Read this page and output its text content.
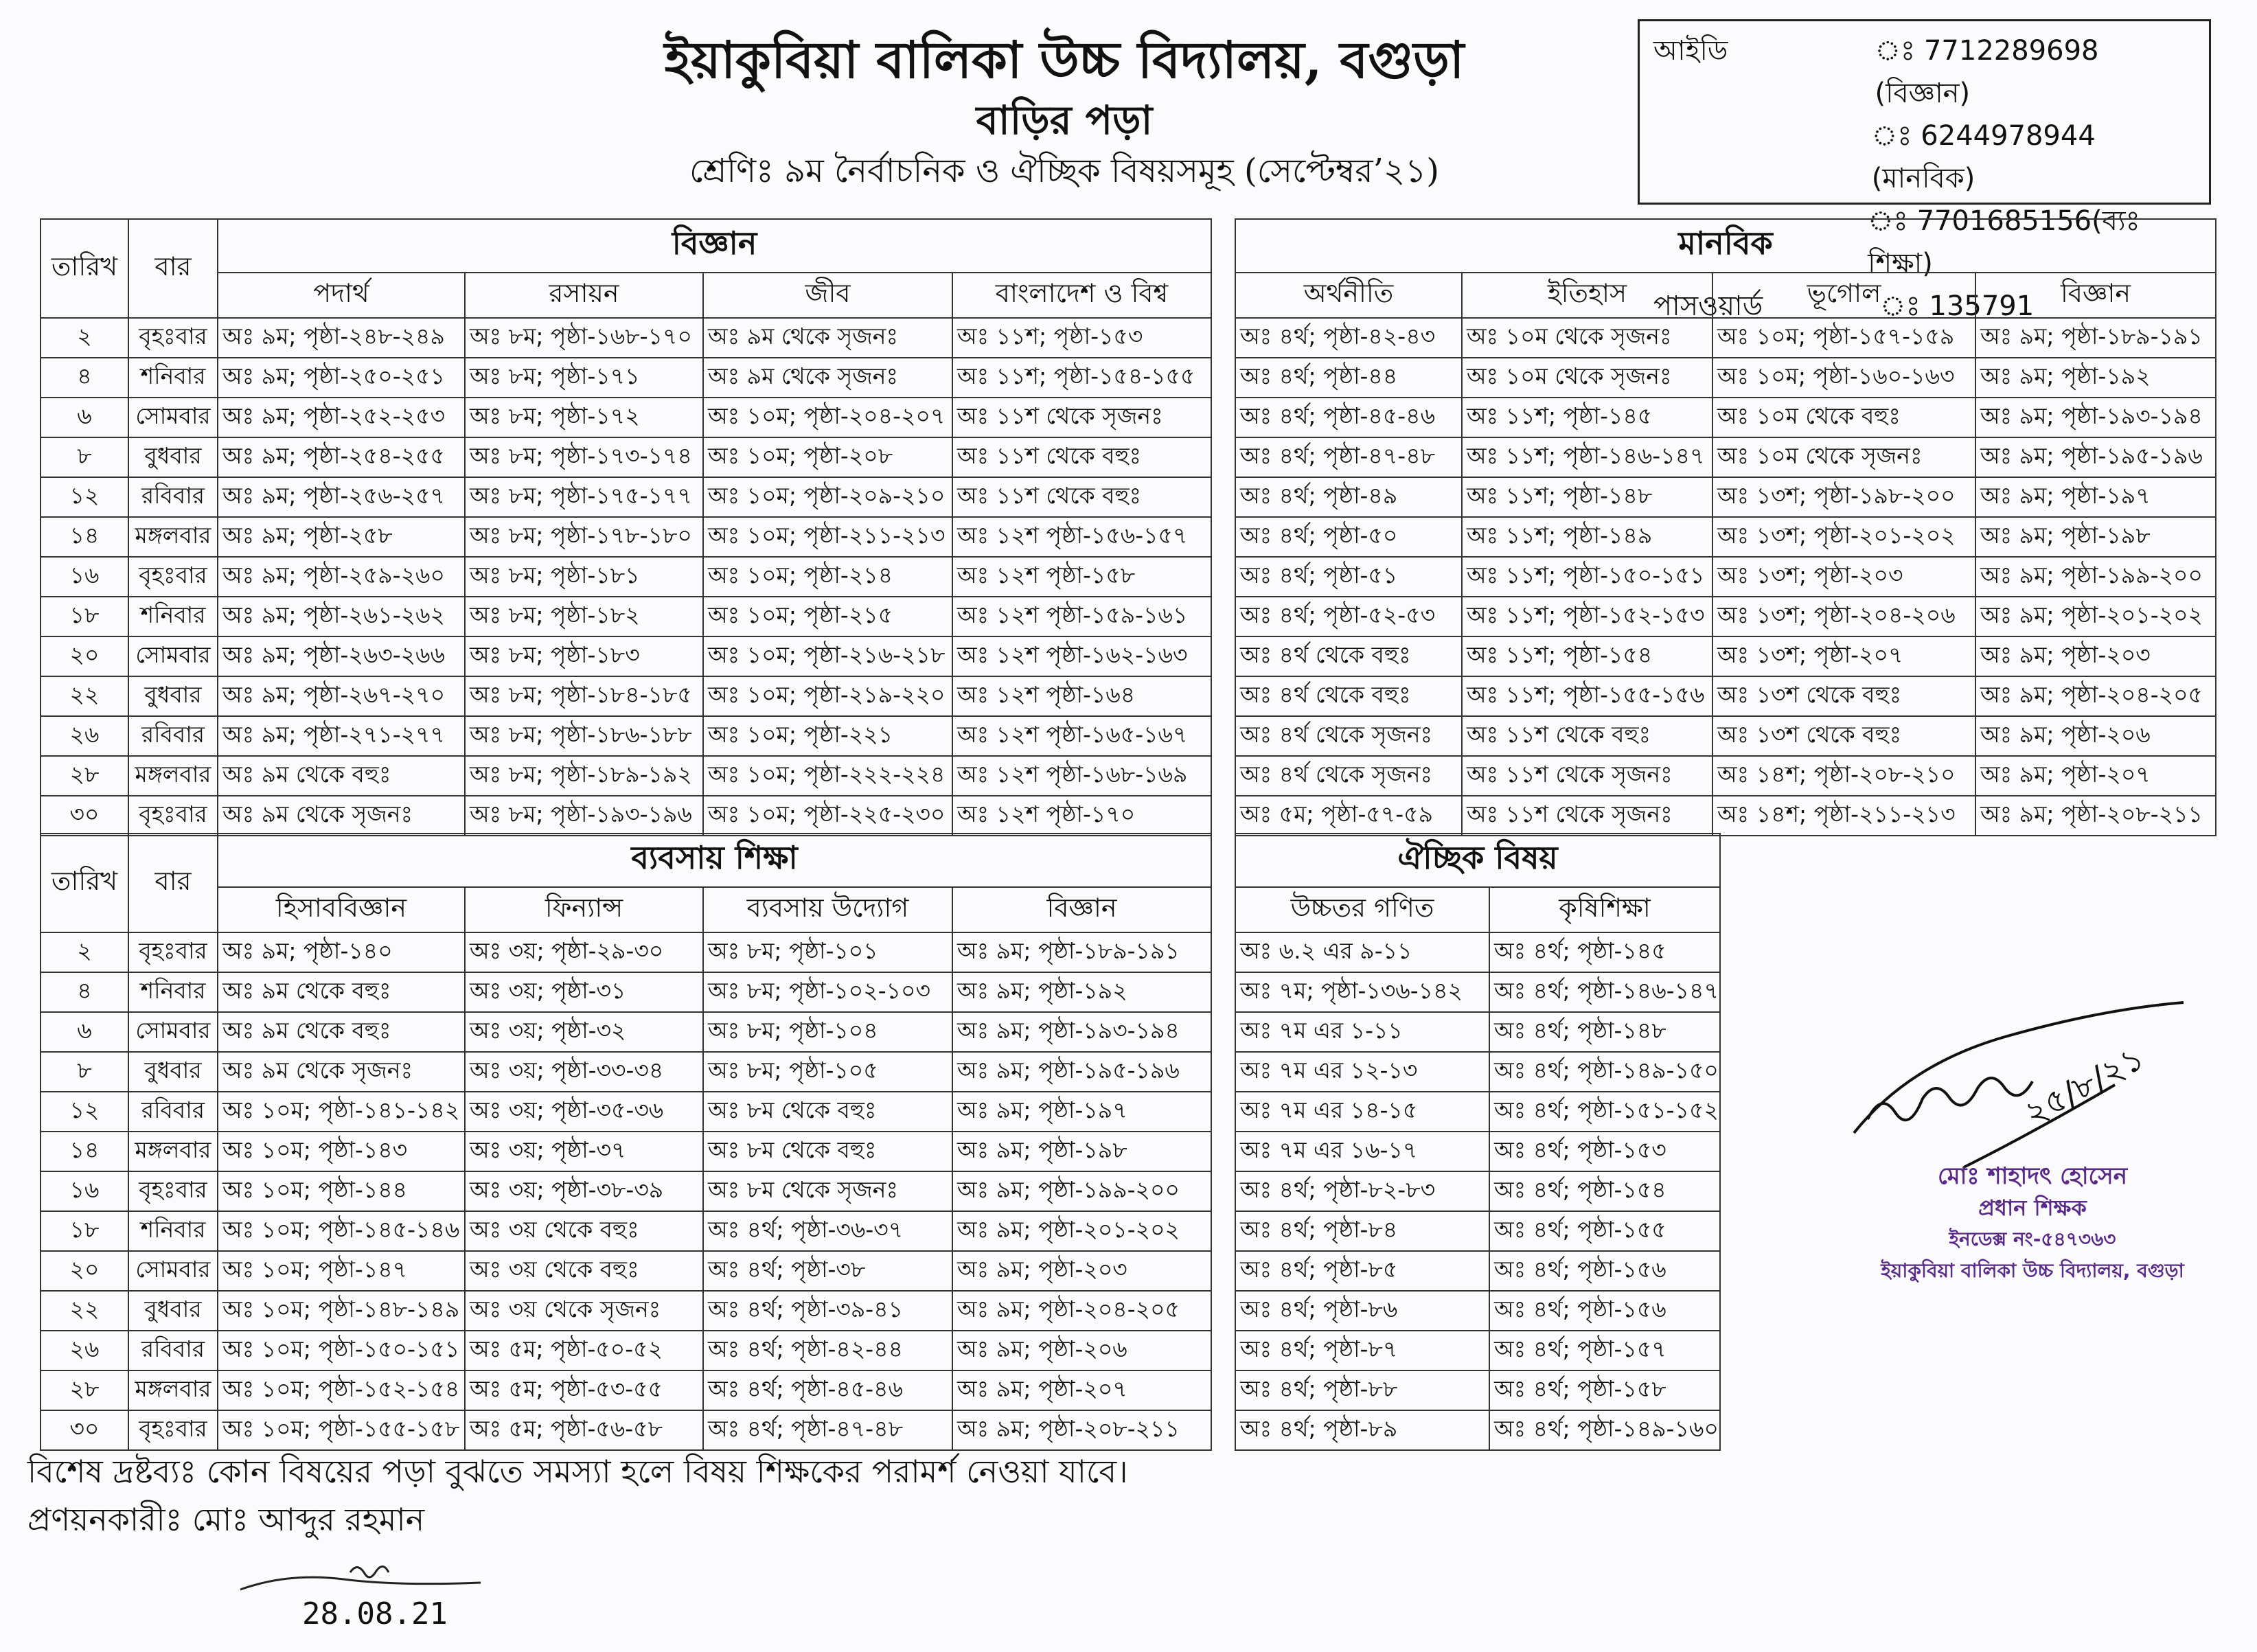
ইয়াকুবিয়া বালিকা উচ্চ বিদ্যালয়, বগুড়া
বাড়ির পড়া
শ্রেণিঃ ৯ম নৈর্বাচনিক ও ঐচ্ছিক বিষয়সমূহ (সেপ্টেম্বর’২১)
আইডি	ঃ 7712289698 (বিজ্ঞান)
ঃ 6244978944 (মানবিক)
ঃ 7701685156(ব্যঃ শিক্ষা)
পাসওয়ার্ড	ঃ 135791
তারিখ	বার	বিজ্ঞান			
		পদার্থ	রসায়ন	জীব	বাংলাদেশ ও বিশ্ব
২	বৃহঃবার	অঃ ৯ম; পৃষ্ঠা-২৪৮-২৪৯	অঃ ৮ম; পৃষ্ঠা-১৬৮-১৭০	অঃ ৯ম থেকে সৃজনঃ	অঃ ১১শ; পৃষ্ঠা-১৫৩
৪	শনিবার	অঃ ৯ম; পৃষ্ঠা-২৫০-২৫১	অঃ ৮ম; পৃষ্ঠা-১৭১	অঃ ৯ম থেকে সৃজনঃ	অঃ ১১শ; পৃষ্ঠা-১৫৪-১৫৫
৬	সোমবার	অঃ ৯ম; পৃষ্ঠা-২৫২-২৫৩	অঃ ৮ম; পৃষ্ঠা-১৭২	অঃ ১০ম; পৃষ্ঠা-২০৪-২০৭	অঃ ১১শ থেকে সৃজনঃ
৮	বুধবার	অঃ ৯ম; পৃষ্ঠা-২৫৪-২৫৫	অঃ ৮ম; পৃষ্ঠা-১৭৩-১৭৪	অঃ ১০ম; পৃষ্ঠা-২০৮	অঃ ১১শ থেকে বহুঃ
১২	রবিবার	অঃ ৯ম; পৃষ্ঠা-২৫৬-২৫৭	অঃ ৮ম; পৃষ্ঠা-১৭৫-১৭৭	অঃ ১০ম; পৃষ্ঠা-২০৯-২১০	অঃ ১১শ থেকে বহুঃ
১৪	মঙ্গলবার	অঃ ৯ম; পৃষ্ঠা-২৫৮	অঃ ৮ম; পৃষ্ঠা-১৭৮-১৮০	অঃ ১০ম; পৃষ্ঠা-২১১-২১৩	অঃ ১২শ পৃষ্ঠা-১৫৬-১৫৭
১৬	বৃহঃবার	অঃ ৯ম; পৃষ্ঠা-২৫৯-২৬০	অঃ ৮ম; পৃষ্ঠা-১৮১	অঃ ১০ম; পৃষ্ঠা-২১৪	অঃ ১২শ পৃষ্ঠা-১৫৮
১৮	শনিবার	অঃ ৯ম; পৃষ্ঠা-২৬১-২৬২	অঃ ৮ম; পৃষ্ঠা-১৮২	অঃ ১০ম; পৃষ্ঠা-২১৫	অঃ ১২শ পৃষ্ঠা-১৫৯-১৬১
২০	সোমবার	অঃ ৯ম; পৃষ্ঠা-২৬৩-২৬৬	অঃ ৮ম; পৃষ্ঠা-১৮৩	অঃ ১০ম; পৃষ্ঠা-২১৬-২১৮	অঃ ১২শ পৃষ্ঠা-১৬২-১৬৩
২২	বুধবার	অঃ ৯ম; পৃষ্ঠা-২৬৭-২৭০	অঃ ৮ম; পৃষ্ঠা-১৮৪-১৮৫	অঃ ১০ম; পৃষ্ঠা-২১৯-২২০	অঃ ১২শ পৃষ্ঠা-১৬৪
২৬	রবিবার	অঃ ৯ম; পৃষ্ঠা-২৭১-২৭৭	অঃ ৮ম; পৃষ্ঠা-১৮৬-১৮৮	অঃ ১০ম; পৃষ্ঠা-২২১	অঃ ১২শ পৃষ্ঠা-১৬৫-১৬৭
২৮	মঙ্গলবার	অঃ ৯ম থেকে বহুঃ	অঃ ৮ম; পৃষ্ঠা-১৮৯-১৯২	অঃ ১০ম; পৃষ্ঠা-২২২-২২৪	অঃ ১২শ পৃষ্ঠা-১৬৮-১৬৯
৩০	বৃহঃবার	অঃ ৯ম থেকে সৃজনঃ	অঃ ৮ম; পৃষ্ঠা-১৯৩-১৯৬	অঃ ১০ম; পৃষ্ঠা-২২৫-২৩০	অঃ ১২শ পৃষ্ঠা-১৭০
মানবিক			
অর্থনীতি	ইতিহাস	ভূগোল	বিজ্ঞান
অঃ ৪র্থ; পৃষ্ঠা-৪২-৪৩	অঃ ১০ম থেকে সৃজনঃ	অঃ ১০ম; পৃষ্ঠা-১৫৭-১৫৯	অঃ ৯ম; পৃষ্ঠা-১৮৯-১৯১
অঃ ৪র্থ; পৃষ্ঠা-৪৪	অঃ ১০ম থেকে সৃজনঃ	অঃ ১০ম; পৃষ্ঠা-১৬০-১৬৩	অঃ ৯ম; পৃষ্ঠা-১৯২
অঃ ৪র্থ; পৃষ্ঠা-৪৫-৪৬	অঃ ১১শ; পৃষ্ঠা-১৪৫	অঃ ১০ম থেকে বহুঃ	অঃ ৯ম; পৃষ্ঠা-১৯৩-১৯৪
অঃ ৪র্থ; পৃষ্ঠা-৪৭-৪৮	অঃ ১১শ; পৃষ্ঠা-১৪৬-১৪৭	অঃ ১০ম থেকে সৃজনঃ	অঃ ৯ম; পৃষ্ঠা-১৯৫-১৯৬
অঃ ৪র্থ; পৃষ্ঠা-৪৯	অঃ ১১শ; পৃষ্ঠা-১৪৮	অঃ ১৩শ; পৃষ্ঠা-১৯৮-২০০	অঃ ৯ম; পৃষ্ঠা-১৯৭
অঃ ৪র্থ; পৃষ্ঠা-৫০	অঃ ১১শ; পৃষ্ঠা-১৪৯	অঃ ১৩শ; পৃষ্ঠা-২০১-২০২	অঃ ৯ম; পৃষ্ঠা-১৯৮
অঃ ৪র্থ; পৃষ্ঠা-৫১	অঃ ১১শ; পৃষ্ঠা-১৫০-১৫১	অঃ ১৩শ; পৃষ্ঠা-২০৩	অঃ ৯ম; পৃষ্ঠা-১৯৯-২০০
অঃ ৪র্থ; পৃষ্ঠা-৫২-৫৩	অঃ ১১শ; পৃষ্ঠা-১৫২-১৫৩	অঃ ১৩শ; পৃষ্ঠা-২০৪-২০৬	অঃ ৯ম; পৃষ্ঠা-২০১-২০২
অঃ ৪র্থ থেকে বহুঃ	অঃ ১১শ; পৃষ্ঠা-১৫৪	অঃ ১৩শ; পৃষ্ঠা-২০৭	অঃ ৯ম; পৃষ্ঠা-২০৩
অঃ ৪র্থ থেকে বহুঃ	অঃ ১১শ; পৃষ্ঠা-১৫৫-১৫৬	অঃ ১৩শ থেকে বহুঃ	অঃ ৯ম; পৃষ্ঠা-২০৪-২০৫
অঃ ৪র্থ থেকে সৃজনঃ	অঃ ১১শ থেকে বহুঃ	অঃ ১৩শ থেকে বহুঃ	অঃ ৯ম; পৃষ্ঠা-২০৬
অঃ ৪র্থ থেকে সৃজনঃ	অঃ ১১শ থেকে সৃজনঃ	অঃ ১৪শ; পৃষ্ঠা-২০৮-২১০	অঃ ৯ম; পৃষ্ঠা-২০৭
অঃ ৫ম; পৃষ্ঠা-৫৭-৫৯	অঃ ১১শ থেকে সৃজনঃ	অঃ ১৪শ; পৃষ্ঠা-২১১-২১৩	অঃ ৯ম; পৃষ্ঠা-২০৮-২১১
তারিখ	বার	ব্যবসায় শিক্ষা			
		হিসাববিজ্ঞান	ফিন্যান্স	ব্যবসায় উদ্যোগ	বিজ্ঞান
২	বৃহঃবার	অঃ ৯ম; পৃষ্ঠা-১৪০	অঃ ৩য়; পৃষ্ঠা-২৯-৩০	অঃ ৮ম; পৃষ্ঠা-১০১	অঃ ৯ম; পৃষ্ঠা-১৮৯-১৯১
৪	শনিবার	অঃ ৯ম থেকে বহুঃ	অঃ ৩য়; পৃষ্ঠা-৩১	অঃ ৮ম; পৃষ্ঠা-১০২-১০৩	অঃ ৯ম; পৃষ্ঠা-১৯২
৬	সোমবার	অঃ ৯ম থেকে বহুঃ	অঃ ৩য়; পৃষ্ঠা-৩২	অঃ ৮ম; পৃষ্ঠা-১০৪	অঃ ৯ম; পৃষ্ঠা-১৯৩-১৯৪
৮	বুধবার	অঃ ৯ম থেকে সৃজনঃ	অঃ ৩য়; পৃষ্ঠা-৩৩-৩৪	অঃ ৮ম; পৃষ্ঠা-১০৫	অঃ ৯ম; পৃষ্ঠা-১৯৫-১৯৬
১২	রবিবার	অঃ ১০ম; পৃষ্ঠা-১৪১-১৪২	অঃ ৩য়; পৃষ্ঠা-৩৫-৩৬	অঃ ৮ম থেকে বহুঃ	অঃ ৯ম; পৃষ্ঠা-১৯৭
১৪	মঙ্গলবার	অঃ ১০ম; পৃষ্ঠা-১৪৩	অঃ ৩য়; পৃষ্ঠা-৩৭	অঃ ৮ম থেকে বহুঃ	অঃ ৯ম; পৃষ্ঠা-১৯৮
১৬	বৃহঃবার	অঃ ১০ম; পৃষ্ঠা-১৪৪	অঃ ৩য়; পৃষ্ঠা-৩৮-৩৯	অঃ ৮ম থেকে সৃজনঃ	অঃ ৯ম; পৃষ্ঠা-১৯৯-২০০
১৮	শনিবার	অঃ ১০ম; পৃষ্ঠা-১৪৫-১৪৬	অঃ ৩য় থেকে বহুঃ	অঃ ৪র্থ; পৃষ্ঠা-৩৬-৩৭	অঃ ৯ম; পৃষ্ঠা-২০১-২০২
২০	সোমবার	অঃ ১০ম; পৃষ্ঠা-১৪৭	অঃ ৩য় থেকে বহুঃ	অঃ ৪র্থ; পৃষ্ঠা-৩৮	অঃ ৯ম; পৃষ্ঠা-২০৩
২২	বুধবার	অঃ ১০ম; পৃষ্ঠা-১৪৮-১৪৯	অঃ ৩য় থেকে সৃজনঃ	অঃ ৪র্থ; পৃষ্ঠা-৩৯-৪১	অঃ ৯ম; পৃষ্ঠা-২০৪-২০৫
২৬	রবিবার	অঃ ১০ম; পৃষ্ঠা-১৫০-১৫১	অঃ ৫ম; পৃষ্ঠা-৫০-৫২	অঃ ৪র্থ; পৃষ্ঠা-৪২-৪৪	অঃ ৯ম; পৃষ্ঠা-২০৬
২৮	মঙ্গলবার	অঃ ১০ম; পৃষ্ঠা-১৫২-১৫৪	অঃ ৫ম; পৃষ্ঠা-৫৩-৫৫	অঃ ৪র্থ; পৃষ্ঠা-৪৫-৪৬	অঃ ৯ম; পৃষ্ঠা-২০৭
৩০	বৃহঃবার	অঃ ১০ম; পৃষ্ঠা-১৫৫-১৫৮	অঃ ৫ম; পৃষ্ঠা-৫৬-৫৮	অঃ ৪র্থ; পৃষ্ঠা-৪৭-৪৮	অঃ ৯ম; পৃষ্ঠা-২০৮-২১১
ঐচ্ছিক বিষয়	
উচ্চতর গণিত	কৃষিশিক্ষা
অঃ ৬.২ এর ৯-১১	অঃ ৪র্থ; পৃষ্ঠা-১৪৫
অঃ ৭ম; পৃষ্ঠা-১৩৬-১৪২	অঃ ৪র্থ; পৃষ্ঠা-১৪৬-১৪৭
অঃ ৭ম এর ১-১১	অঃ ৪র্থ; পৃষ্ঠা-১৪৮
অঃ ৭ম এর ১২-১৩	অঃ ৪র্থ; পৃষ্ঠা-১৪৯-১৫০
অঃ ৭ম এর ১৪-১৫	অঃ ৪র্থ; পৃষ্ঠা-১৫১-১৫২
অঃ ৭ম এর ১৬-১৭	অঃ ৪র্থ; পৃষ্ঠা-১৫৩
অঃ ৪র্থ; পৃষ্ঠা-৮২-৮৩	অঃ ৪র্থ; পৃষ্ঠা-১৫৪
অঃ ৪র্থ; পৃষ্ঠা-৮৪	অঃ ৪র্থ; পৃষ্ঠা-১৫৫
অঃ ৪র্থ; পৃষ্ঠা-৮৫	অঃ ৪র্থ; পৃষ্ঠা-১৫৬
অঃ ৪র্থ; পৃষ্ঠা-৮৬	অঃ ৪র্থ; পৃষ্ঠা-১৫৬
অঃ ৪র্থ; পৃষ্ঠা-৮৭	অঃ ৪র্থ; পৃষ্ঠা-১৫৭
অঃ ৪র্থ; পৃষ্ঠা-৮৮	অঃ ৪র্থ; পৃষ্ঠা-১৫৮
অঃ ৪র্থ; পৃষ্ঠা-৮৯	অঃ ৪র্থ; পৃষ্ঠা-১৪৯-১৬০
বিশেষ দ্রষ্টব্যঃ কোন বিষয়ের পড়া বুঝতে সমস্যা হলে বিষয় শিক্ষকের পরামর্শ নেওয়া যাবে।
প্রণয়নকারীঃ মোঃ আব্দুর রহমান
28.08.21
২৫/৮/২১
মোঃ শাহাদৎ হোসেন
প্রধান শিক্ষক
ইনডেক্স নং-৫৪৭৩৬৩
ইয়াকুবিয়া বালিকা উচ্চ বিদ্যালয়, বগুড়া
